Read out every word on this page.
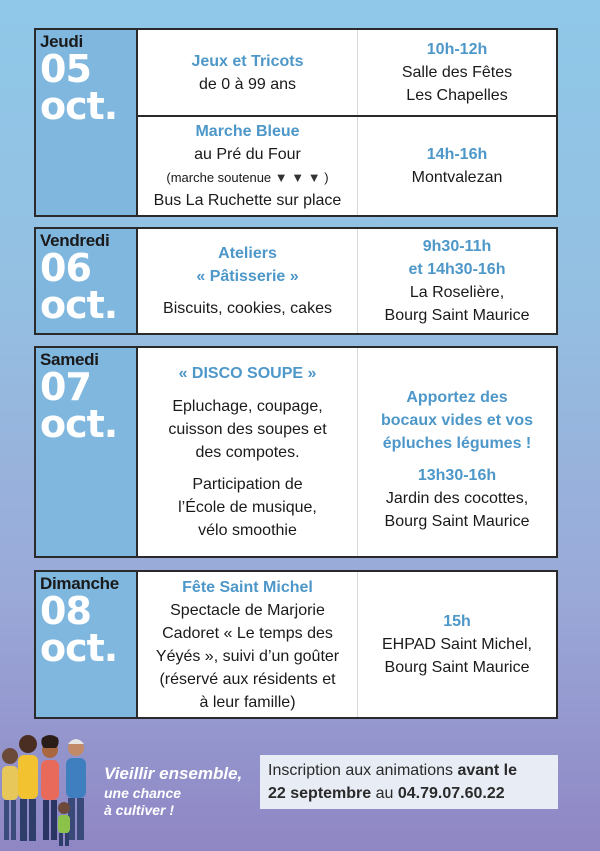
Jeudi
05
oct.
Jeux et Tricots
de 0 à 99 ans
10h-12h
Salle des Fêtes
Les Chapelles
Marche Bleue
au Pré du Four
(marche soutenue ▼ ▼ ▼ )
Bus La Ruchette sur place
14h-16h
Montvalezan
Vendredi
06
oct.
Ateliers
« Pâtisserie »
Biscuits, cookies, cakes
9h30-11h
et 14h30-16h
La Roselière,
Bourg Saint Maurice
Samedi
07
oct.
« DISCO SOUPE »
Epluchage, coupage,
cuisson des soupes et
des compotes.
Participation de
l’École de musique,
vélo smoothie
Apportez des
bocaux vides et vos
épluches légumes !
13h30-16h
Jardin des cocottes,
Bourg Saint Maurice
Dimanche
08
oct.
Fête Saint Michel
Spectacle de Marjorie
Cadoret « Le temps des
Yéyés », suivi d’un goûter
(réservé aux résidents et
à leur famille)
15h
EHPAD Saint Michel,
Bourg Saint Maurice
Vieillir ensemble,
une chance
à cultiver !
Inscription aux animations avant le
22 septembre au 04.79.07.60.22
